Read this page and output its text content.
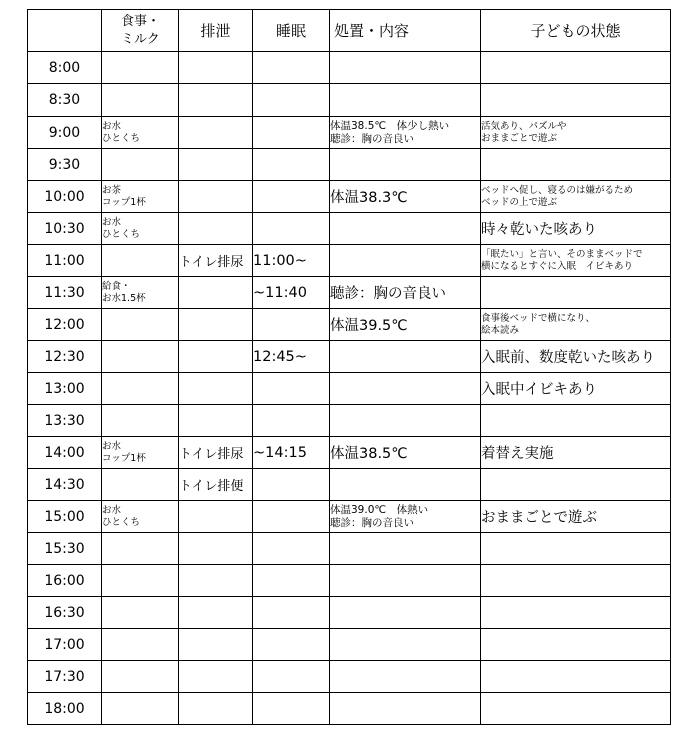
	食事・
ミルク	排泄	睡眠	処置・内容	子どもの状態
8:00					
8:30					
9:00	お水
ひとくち			体温38.5℃　体少し熱い
聴診：胸の音良い	活気あり、パズルや
おままごとで遊ぶ
9:30					
10:00	お茶
コップ1杯			体温38.3℃	ベッドへ促し、寝るのは嫌がるため
ベッドの上で遊ぶ
10:30	お水
ひとくち				時々乾いた咳あり
11:00		トイレ排尿	11:00~		「眠たい」と言い、そのままベッドで
横になるとすぐに入眠　イビキあり
11:30	給食・
お水1.5杯		~11:40	聴診：胸の音良い	
12:00				体温39.5℃	食事後ベッドで横になり、
絵本読み
12:30			12:45~		入眠前、数度乾いた咳あり
13:00					入眠中イビキあり
13:30					
14:00	お水
コップ1杯	トイレ排尿	~14:15	体温38.5℃	着替え実施
14:30		トイレ排便			
15:00	お水
ひとくち			体温39.0℃　体熱い
聴診：胸の音良い	おままごとで遊ぶ
15:30					
16:00					
16:30					
17:00					
17:30					
18:00					
